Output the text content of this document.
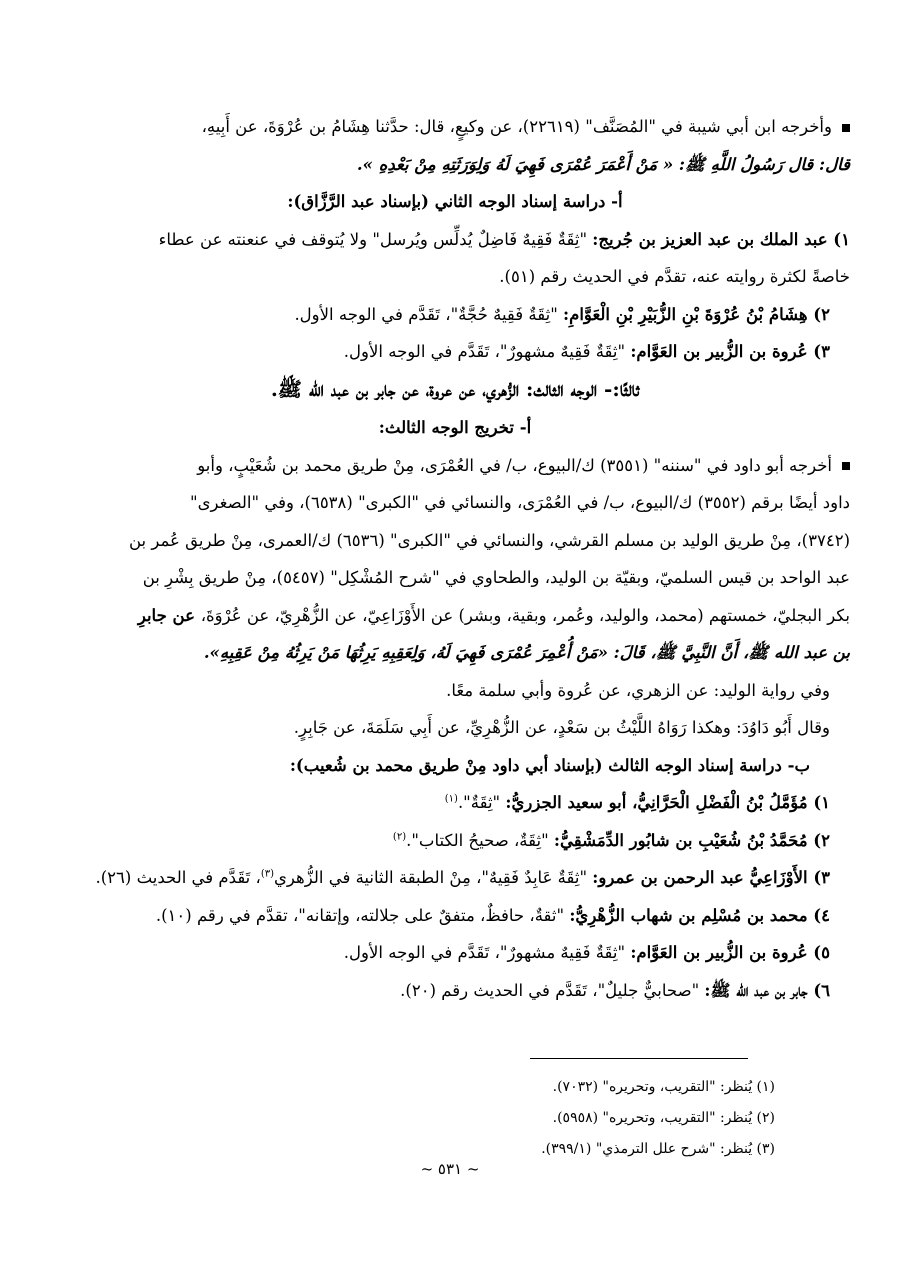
وأخرجه ابن أبي شيبة في "المُصَنَّف" (٢٢٦١٩)، عن وكيعٍ، قال: حدَّثنا هِشَامُ بن عُرْوَةَ، عن أَبِيهِ،

قال: قال رَسُولُ اللَّهِ ﷺ: « مَنْ أَعْمَرَ عُمْرَى فَهِيَ لَهُ وَلِوَرَثَتِهِ مِنْ بَعْدِهِ ».

أ- دراسة إسناد الوجه الثاني (بإسناد عبد الرَّزَّاق):

١) عبد الملك بن عبد العزيز بن جُريج: "ثِقَةٌ فَقِيهٌ فَاضِلٌ يُدلِّس ويُرسل" ولا يُتوقف في عنعنته عن عطاء

خاصةً لكثرة روايته عنه، تقدَّم في الحديث رقم (٥١).

٢) هِشَامُ بْنُ عُرْوَةَ بْنِ الزُّبَيْرِ بْنِ الْعَوَّامِ: "ثِقَةٌ فَقِيهٌ حُجَّةٌ"، تَقَدَّم في الوجه الأول.

٣) عُروة بن الزُّبير بن العَوَّام: "ثِقَةٌ فَقِيهٌ مشهورٌ"، تَقَدَّم في الوجه الأول.

ثالثًا:- الوجه الثالث: الزُّهري، عن عروة، عن جابر بن عبد الله ﷺ.

أ- تخريج الوجه الثالث:

أخرجه أبو داود في "سننه" (٣٥٥١) ك/البيوع، ب/ في العُمْرَى، مِنْ طريق محمد بن شُعَيْبٍ، وأبو

داود أيضًا برقم (٣٥٥٢) ك/البيوع، ب/ في العُمْرَى، والنسائي في "الكبرى" (٦٥٣٨)، وفي "الصغرى"

(٣٧٤٢)، مِنْ طريق الوليد بن مسلم القرشي، والنسائي في "الكبرى" (٦٥٣٦) ك/العمرى، مِنْ طريق عُمر بن

عبد الواحد بن قيس السلميّ، وبقيّة بن الوليد، والطحاوي في "شرح المُشْكِل" (٥٤٥٧)، مِنْ طريق بِشْرِ بن

بكر البجليّ، خمستهم (محمد، والوليد، وعُمر، وبقية، وبشر) عن الأَوْزَاعِيّ، عن الزُّهْرِيّ، عن عُرْوَةَ، عن جابرِ

بن عبد الله ﷺ، أَنَّ النَّبِيَّ ﷺ، قَالَ: «مَنْ أُعْمِرَ عُمْرَى فَهِيَ لَهُ، وَلِعَقِبِهِ يَرِثُهَا مَنْ يَرِثُهُ مِنْ عَقِبِهِ».

وفي رواية الوليد: عن الزهري، عن عُروة وأبي سلمة معًا.

وقال أَبُو دَاوُدَ: وهكذا رَوَاهُ اللَّيْثُ بن سَعْدٍ، عن الزُّهْرِيِّ، عن أَبِي سَلَمَةَ، عن جَابِرٍ.

ب- دراسة إسناد الوجه الثالث (بإسناد أبي داود مِنْ طريق محمد بن شُعيب):

١) مُؤَمَّلُ بْنُ الْفَضْلِ الْحَرَّانِيُّ، أبو سعيد الجزريُّ: "ثِقَةٌ".$^{(١)}$

٢) مُحَمَّدُ بْنُ شُعَيْبِ بن شابُور الدِّمَشْقِيُّ: "ثِقَةٌ، صحيحُ الكتاب".$^{(٢)}$

٣) الأَوْزَاعِيُّ عبد الرحمن بن عمرو: "ثِقَةٌ عَابِدٌ فَقِيهٌ"، مِنْ الطبقة الثانية في الزُّهري$^{(٣)}$، تَقَدَّم في الحديث (٢٦).

٤) محمد بن مُسْلِم بن شهاب الزُّهْرِيُّ: "ثقةٌ، حافظٌ، متفقٌ على جلالته، وإتقانه"، تقدَّم في رقم (١٠).

٥) عُروة بن الزُّبير بن العَوَّام: "ثِقَةٌ فَقِيهٌ مشهورٌ"، تَقَدَّم في الوجه الأول.

٦) جابر بن عبد الله ﷺ: "صحابيٌّ جليلٌ"، تَقَدَّم في الحديث رقم (٢٠).

(١) يُنظر: "التقريب، وتحريره" (٧٠٣٢).
(٢) يُنظر: "التقريب، وتحريره" (٥٩٥٨).
(٣) يُنظر: "شرح علل الترمذي" (٣٩٩/١).
~ ٥٣١ ~
